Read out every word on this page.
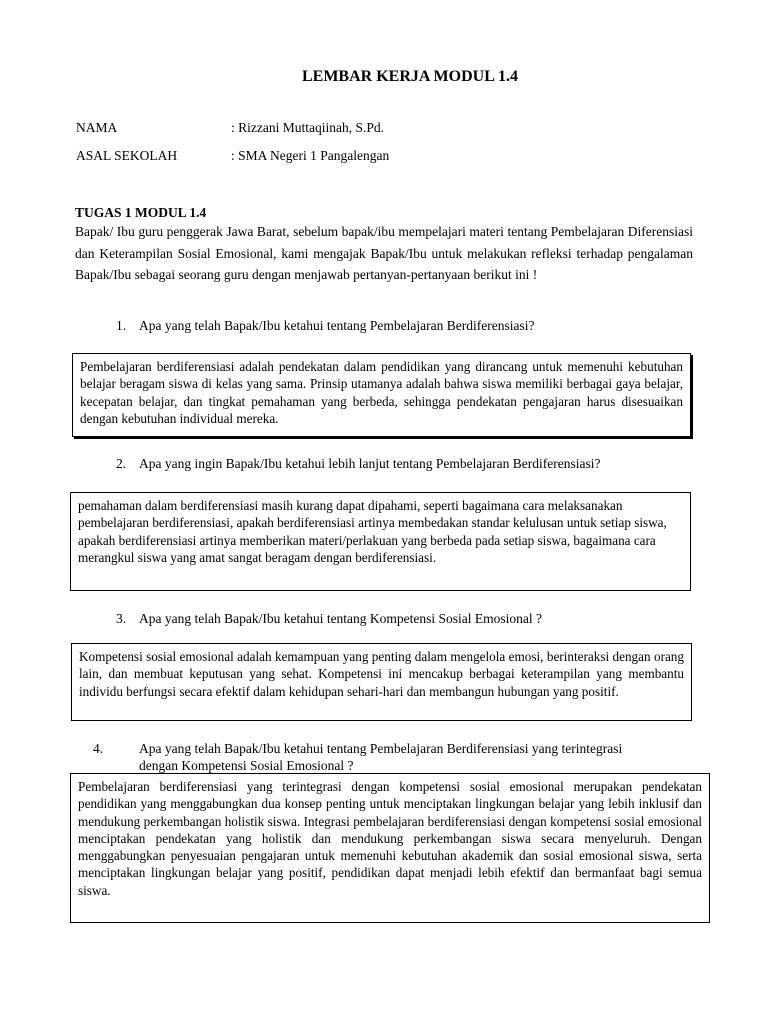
LEMBAR KERJA MODUL 1.4
NAMA	: Rizzani Muttaqiinah, S.Pd.
ASAL SEKOLAH	: SMA Negeri 1 Pangalengan
TUGAS 1 MODUL 1.4
Bapak/ Ibu guru penggerak Jawa Barat, sebelum bapak/ibu mempelajari materi tentang Pembelajaran Diferensiasi dan Keterampilan Sosial Emosional, kami mengajak Bapak/Ibu untuk melakukan refleksi terhadap pengalaman Bapak/Ibu sebagai seorang guru dengan menjawab pertanyan-pertanyaan berikut ini !
1. Apa yang telah Bapak/Ibu ketahui tentang Pembelajaran Berdiferensiasi?
Pembelajaran berdiferensiasi adalah pendekatan dalam pendidikan yang dirancang untuk memenuhi kebutuhan belajar beragam siswa di kelas yang sama. Prinsip utamanya adalah bahwa siswa memiliki berbagai gaya belajar, kecepatan belajar, dan tingkat pemahaman yang berbeda, sehingga pendekatan pengajaran harus disesuaikan dengan kebutuhan individual mereka.
2. Apa yang ingin Bapak/Ibu ketahui lebih lanjut tentang Pembelajaran Berdiferensiasi?
pemahaman dalam berdiferensiasi masih kurang dapat dipahami, seperti bagaimana cara melaksanakan pembelajaran berdiferensiasi, apakah berdiferensiasi artinya membedakan standar kelulusan untuk setiap siswa, apakah berdiferensiasi artinya memberikan materi/perlakuan yang berbeda pada setiap siswa, bagaimana cara merangkul siswa yang amat sangat beragam dengan berdiferensiasi.
3. Apa yang telah Bapak/Ibu ketahui tentang Kompetensi Sosial Emosional ?
Kompetensi sosial emosional adalah kemampuan yang penting dalam mengelola emosi, berinteraksi dengan orang lain, dan membuat keputusan yang sehat. Kompetensi ini mencakup berbagai keterampilan yang membantu individu berfungsi secara efektif dalam kehidupan sehari-hari dan membangun hubungan yang positif.
4.	Apa yang telah Bapak/Ibu ketahui tentang Pembelajaran Berdiferensiasi yang terintegrasi dengan Kompetensi Sosial Emosional ?
Pembelajaran berdiferensiasi yang terintegrasi dengan kompetensi sosial emosional merupakan pendekatan pendidikan yang menggabungkan dua konsep penting untuk menciptakan lingkungan belajar yang lebih inklusif dan mendukung perkembangan holistik siswa. Integrasi pembelajaran berdiferensiasi dengan kompetensi sosial emosional menciptakan pendekatan yang holistik dan mendukung perkembangan siswa secara menyeluruh. Dengan menggabungkan penyesuaian pengajaran untuk memenuhi kebutuhan akademik dan sosial emosional siswa, serta menciptakan lingkungan belajar yang positif, pendidikan dapat menjadi lebih efektif dan bermanfaat bagi semua siswa.
